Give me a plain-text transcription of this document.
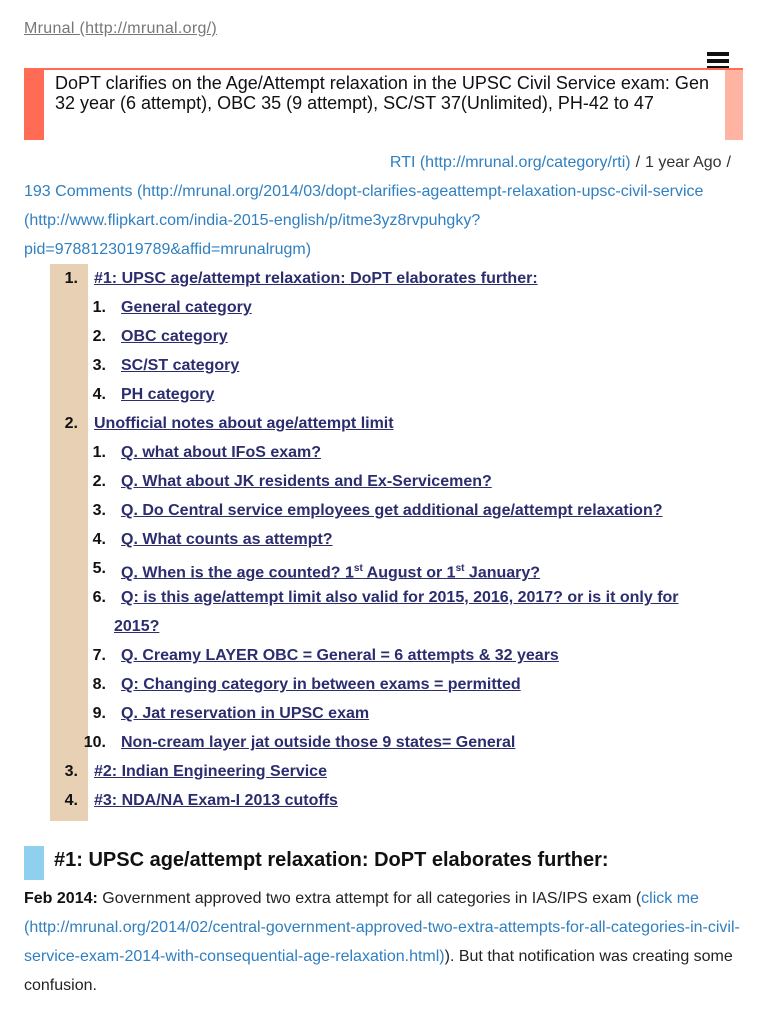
Mrunal (http://mrunal.org/)
DoPT clarifies on the Age/Attempt relaxation in the UPSC Civil Service exam: Gen 32 year (6 attempt), OBC 35 (9 attempt), SC/ST 37(Unlimited), PH-42 to 47
RTI (http://mrunal.org/category/rti) / 1 year Ago /
193 Comments (http://mrunal.org/2014/03/dopt-clarifies-ageattempt-relaxation-upsc-civil-service
(http://www.flipkart.com/india-2015-english/p/itme3yz8rvpuhgky?
pid=9788123019789&affid=mrunalrugm)
1. #1: UPSC age/attempt relaxation: DoPT elaborates further:
1. General category
2. OBC category
3. SC/ST category
4. PH category
2. Unofficial notes about age/attempt limit
1. Q. what about IFoS exam?
2. Q. What about JK residents and Ex-Servicemen?
3. Q. Do Central service employees get additional age/attempt relaxation?
4. Q. What counts as attempt?
5. Q. When is the age counted? 1st August or 1st January?
6. Q: is this age/attempt limit also valid for 2015, 2016, 2017? or is it only for
2015?
7. Q. Creamy LAYER OBC = General = 6 attempts & 32 years
8. Q: Changing category in between exams = permitted
9. Q. Jat reservation in UPSC exam
10. Non-cream layer jat outside those 9 states= General
3. #2: Indian Engineering Service
4. #3: NDA/NA Exam-I 2013 cutoffs
#1: UPSC age/attempt relaxation: DoPT elaborates further:
Feb 2014: Government approved two extra attempt for all categories in IAS/IPS exam (click me (http://mrunal.org/2014/02/central-government-approved-two-extra-attempts-for-all-categories-in-civil-service-exam-2014-with-consequential-age-relaxation.html)). But that notification was creating some confusion.
